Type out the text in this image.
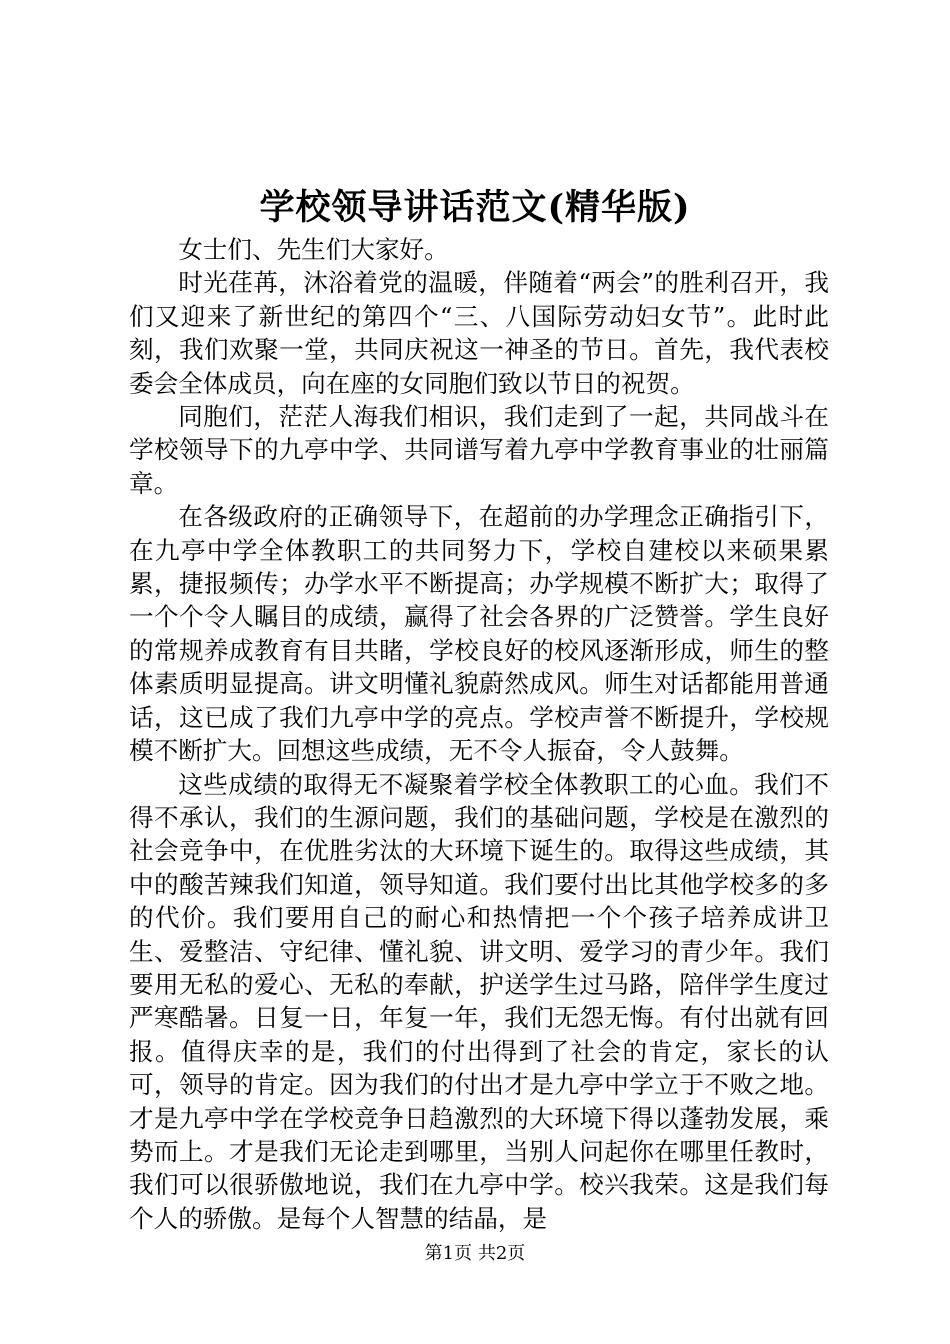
学校领导讲话范文(精华版)

女士们、先生们大家好。

时光荏苒，沐浴着党的温暖，伴随着“两会”的胜利召开，我们又迎来了新世纪的第四个“三、八国际劳动妇女节”。此时此刻，我们欢聚一堂，共同庆祝这一神圣的节日。首先，我代表校委会全体成员，向在座的女同胞们致以节日的祝贺。

同胞们，茫茫人海我们相识，我们走到了一起，共同战斗在学校领导下的九亭中学、共同谱写着九亭中学教育事业的壮丽篇章。

在各级政府的正确领导下，在超前的办学理念正确指引下，在九亭中学全体教职工的共同努力下，学校自建校以来硕果累累，捷报频传；办学水平不断提高；办学规模不断扩大；取得了一个个令人瞩目的成绩，赢得了社会各界的广泛赞誉。学生良好的常规养成教育有目共睹，学校良好的校风逐渐形成，师生的整体素质明显提高。讲文明懂礼貌蔚然成风。师生对话都能用普通话，这已成了我们九亭中学的亮点。学校声誉不断提升，学校规模不断扩大。回想这些成绩，无不令人振奋，令人鼓舞。

这些成绩的取得无不凝聚着学校全体教职工的心血。我们不得不承认，我们的生源问题，我们的基础问题，学校是在激烈的社会竞争中，在优胜劣汰的大环境下诞生的。取得这些成绩，其中的酸苦辣我们知道，领导知道。我们要付出比其他学校多的多的代价。我们要用自己的耐心和热情把一个个孩子培养成讲卫生、爱整洁、守纪律、懂礼貌、讲文明、爱学习的青少年。我们要用无私的爱心、无私的奉献，护送学生过马路，陪伴学生度过严寒酷暑。日复一日，年复一年，我们无怨无悔。有付出就有回报。值得庆幸的是，我们的付出得到了社会的肯定，家长的认可，领导的肯定。因为我们的付出才是九亭中学立于不败之地。才是九亭中学在学校竞争日趋激烈的大环境下得以蓬勃发展，乘势而上。才是我们无论走到哪里，当别人问起你在哪里任教时，我们可以很骄傲地说，我们在九亭中学。校兴我荣。这是我们每个人的骄傲。是每个人智慧的结晶，是

第1页 共2页
